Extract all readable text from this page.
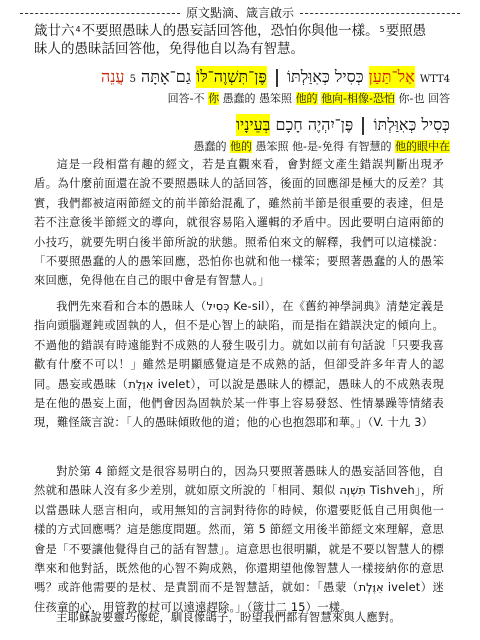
原文點滴、箴言啟示
箴廿六$^4$不要照愚昧人的愚妄話回答他，恐怕你與他一樣。$^5$要照愚
昧人的愚昧話回答他，免得他自以為有智慧。
4WTT אַל־תַּעַן כְּסִיל כְּאִוַּלְתּוֹ  פֶּן־תִּשְׁוֶה־לּוֹ גַם־אָתָּה 5 עֲנֵה
回答-不 你 愚蠢的 愚笨照 他的 他向-相像-恐怕 你-也 回答
כְּסִיל כְּאִוַּלְתּוֹ  פֶּן־יִהְיֶה חָכָם בְּעֵינָיו
愚蠢的 他的 愚笨照 他-是-免得 有智慧的 他的眼中在
這是一段相當有趣的經文，若是直觀來看，會對經文產生錯誤判斷出現矛盾。為什麼前面還在說不要照愚昧人的話回答，後面的回應卻是極大的反差？其實，我們都被這兩節經文的前半節給混亂了，雖然前半節是很重要的表達，但是若不注意後半節經文的導向，就很容易陷入邏輯的矛盾中。因此要明白這兩節的小技巧，就要先明白後半節所說的狀態。照希伯來文的解釋，我們可以這樣說：「不要照愚蠢的人的愚笨回應，恐怕你也就和他一樣笨；要照著愚蠢的人的愚笨來回應，免得他在自己的眼中會是有智慧人。」
我們先來看和合本的愚昧人（כְּסִיל Ke-sil），在《舊約神學詞典》清楚定義是指向頭腦遲鈍或固執的人，但不是心智上的缺陷，而是指在錯誤決定的傾向上。不過他的錯誤有時遠能對不成熟的人發生吸引力。就如以前有句話說「只要我喜歡有什麼不可以！」雖然是明顯感覺這是不成熟的話，但卻受許多年青人的認同。愚妄或愚昧（אִוֶּלֶת ivelet），可以說是愚昧人的標記，愚昧人的不成熟表現是在他的愚妄上面，他們會因為固執於某一件事上容易發怒、性情暴躁等情緒表現，難怪箴言說：「人的愚昧傾敗他的道；他的心也抱怨耶和華。」（V. 十九 3）
對於第 4 節經文是很容易明白的，因為只要照著愚昧人的愚妄話回答他，自然就和愚昧人沒有多少差別，就如原文所說的「相同、類似 תִּשְׁוֶה Tishveh」，所以當愚昧人惡言相向，或用無知的言詞對待你的時候，你還要貶低自己用與他一樣的方式回應嗎？這是態度問題。然而，第 5 節經文用後半節經文來理解，意思會是「不要讓他覺得自己的話有智慧」。這意思也很明顯，就是不要以智慧人的標準來和他對話，既然他的心智不夠成熟，你還期望他像智慧人一樣接納你的意思嗎？或許他需要的是杖、是責罰而不是智慧話，就如：「愚蒙（אִוֶּלֶת ivelet）迷住孩童的心，用管教的杖可以遠遠趕除。」（箴廿二 15）一樣。
主耶穌說要靈巧像蛇，馴良像鴿子，盼望我們都有智慧來與人應對。
